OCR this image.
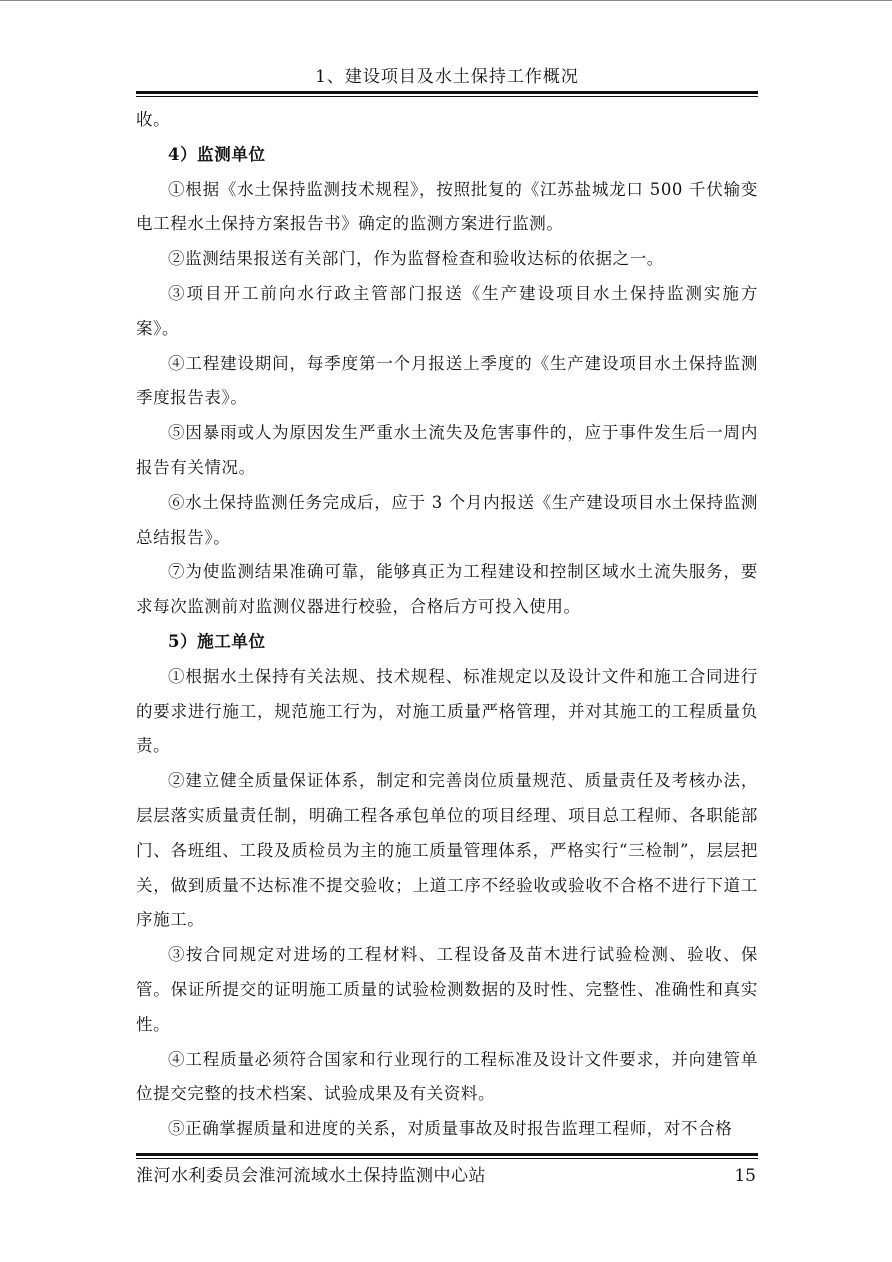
1、建设项目及水土保持工作概况

收。

4）监测单位

①根据《水土保持监测技术规程》，按照批复的《江苏盐城龙口 500 千伏输变电工程水土保持方案报告书》确定的监测方案进行监测。

②监测结果报送有关部门，作为监督检查和验收达标的依据之一。

③项目开工前向水行政主管部门报送《生产建设项目水土保持监测实施方案》。

④工程建设期间，每季度第一个月报送上季度的《生产建设项目水土保持监测季度报告表》。

⑤因暴雨或人为原因发生严重水土流失及危害事件的，应于事件发生后一周内报告有关情况。

⑥水土保持监测任务完成后，应于 3 个月内报送《生产建设项目水土保持监测总结报告》。

⑦为使监测结果准确可靠，能够真正为工程建设和控制区域水土流失服务，要求每次监测前对监测仪器进行校验，合格后方可投入使用。

5）施工单位

①根据水土保持有关法规、技术规程、标准规定以及设计文件和施工合同进行的要求进行施工，规范施工行为，对施工质量严格管理，并对其施工的工程质量负责。

②建立健全质量保证体系，制定和完善岗位质量规范、质量责任及考核办法，层层落实质量责任制，明确工程各承包单位的项目经理、项目总工程师、各职能部门、各班组、工段及质检员为主的施工质量管理体系，严格实行“三检制”，层层把关，做到质量不达标准不提交验收；上道工序不经验收或验收不合格不进行下道工序施工。

③按合同规定对进场的工程材料、工程设备及苗木进行试验检测、验收、保管。保证所提交的证明施工质量的试验检测数据的及时性、完整性、准确性和真实性。

④工程质量必须符合国家和行业现行的工程标准及设计文件要求，并向建管单位提交完整的技术档案、试验成果及有关资料。

⑤正确掌握质量和进度的关系，对质量事故及时报告监理工程师，对不合格

淮河水利委员会淮河流域水土保持监测中心站	15
